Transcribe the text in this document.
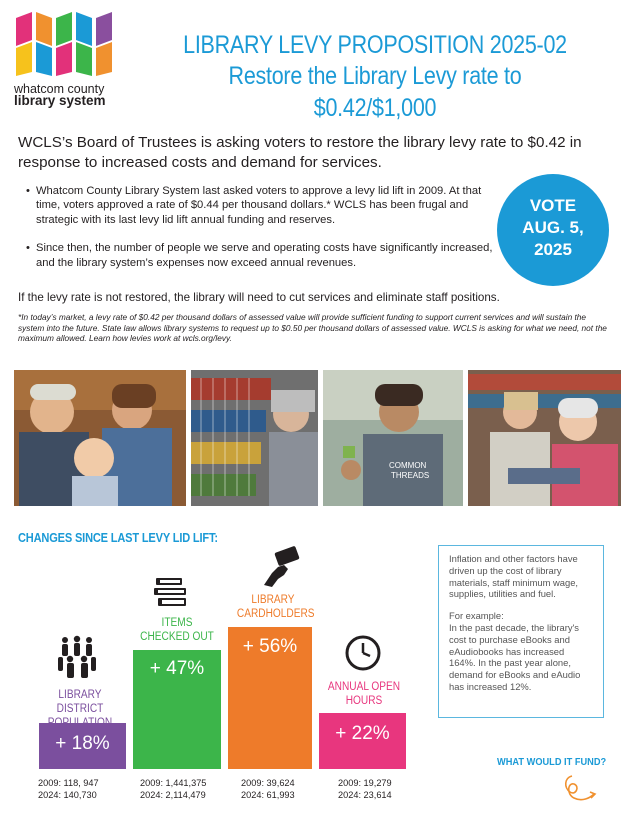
whatcom county
library system
LIBRARY LEVY PROPOSITION 2025-02
Restore the Library Levy rate to $0.42/$1,000
WCLS’s Board of Trustees is asking voters to restore the library levy rate to $0.42 in response to increased costs and demand for services.
• Whatcom County Library System last asked voters to approve a levy lid lift in 2009. At that time, voters approved a rate of $0.44 per thousand dollars.* WCLS has been frugal and strategic with its last levy lid lift annual funding and reserves.
• Since then, the number of people we serve and operating costs have significantly increased, and the library system’s expenses now exceed annual revenues.
VOTE
AUG. 5,
2025
If the levy rate is not restored, the library will need to cut services and eliminate staff positions.
*In today’s market, a levy rate of $0.42 per thousand dollars of assessed value will provide sufficient funding to support current services and will sustain the system into the future. State law allows library systems to request up to $0.50 per thousand dollars of assessed value. WCLS is asking for what we need, not the maximum allowed. Learn how levies work at wcls.org/levy.
COMMON
THREADS
CHANGES SINCE LAST LEVY LID LIFT:
LIBRARY DISTRICT
+ 18%
2009: 118, 947
2024: 140,730
ITEMS CHECKED OUT
+ 47%
2009: 1,441,375
2024: 2,114,479
LIBRARY CARDHOLDERS
+ 56%
2009: 39,624
2024: 61,993
ANNUAL OPEN HOURS
+ 22%
2009: 19,279
2024: 23,614

Inflation and other factors have driven up the cost of library materials, staff minimum wage, supplies, utilities and fuel.

For example:

In the past decade, the library's cost to purchase eBooks and eAudiobooks has increased 164%. In the past year alone, demand for eBooks and eAudio has increased 12%.

WHAT WOULD IT FUND?
